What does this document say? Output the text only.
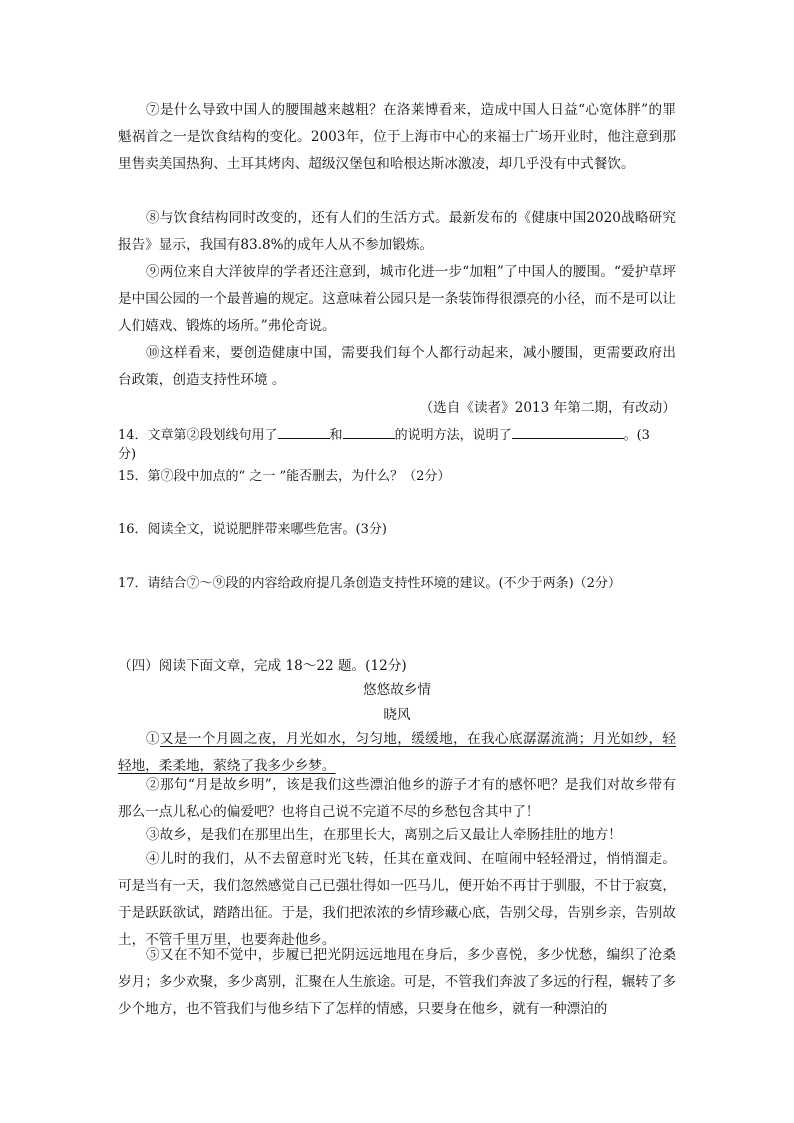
⑦是什么导致中国人的腰围越来越粗？在洛莱博看来，造成中国人日益“心宽体胖”的罪魁祸首之一是饮食结构的变化。2003年，位于上海市中心的来福士广场开业时，他注意到那里售卖美国热狗、土耳其烤肉、超级汉堡包和哈根达斯冰激凌，却几乎没有中式餐饮。

⑧与饮食结构同时改变的，还有人们的生活方式。最新发布的《健康中国2020战略研究报告》显示，我国有83.8%的成年人从不参加锻炼。

⑨两位来自大洋彼岸的学者还注意到，城市化进一步“加粗”了中国人的腰围。“爱护草坪是中国公园的一个最普遍的规定。这意味着公园只是一条装饰得很漂亮的小径，而不是可以让人们嬉戏、锻炼的场所。”弗伦奇说。

⑩这样看来，要创造健康中国，需要我们每个人都行动起来，减小腰围，更需要政府出台政策，创造支持性环境 。

（选自《读者》2013 年第二期，有改动）
14．文章第②段划线句用了	和	的说明方法，说明了	。(3
分)
15．第⑦段中加点的“ 之一 ”能否删去，为什么？（2分）
16．阅读全文，说说肥胖带来哪些危害。(3分)
17．请结合⑦～⑨段的内容给政府提几条创造支持性环境的建议。(不少于两条)（2分）
（四）阅读下面文章，完成 18～22 题。(12分)
悠悠故乡情
晓风

①又是一个月圆之夜，月光如水，匀匀地，缓缓地，在我心底潺潺流淌；月光如纱，轻轻地，柔柔地，萦绕了我多少乡梦。

②那句“月是故乡明”，该是我们这些漂泊他乡的游子才有的感怀吧？是我们对故乡带有那么一点儿私心的偏爱吧？也将自己说不完道不尽的乡愁包含其中了！

③故乡，是我们在那里出生，在那里长大，离别之后又最让人牵肠挂肚的地方！

④儿时的我们，从不去留意时光飞转，任其在童戏间、在喧闹中轻轻滑过，悄悄溜走。可是当有一天，我们忽然感觉自己已强壮得如一匹马儿，便开始不再甘于驯服，不甘于寂寞，于是跃跃欲试，踏踏出征。于是，我们把浓浓的乡情珍藏心底，告别父母，告别乡亲，告别故土，不管千里万里，也要奔赴他乡。

⑤又在不知不觉中，步履已把光阴远远地甩在身后，多少喜悦，多少忧愁，编织了沧桑岁月；多少欢聚，多少离别，汇聚在人生旅途。可是，不管我们奔波了多远的行程，辗转了多少个地方，也不管我们与他乡结下了怎样的情感，只要身在他乡，就有一种漂泊的
